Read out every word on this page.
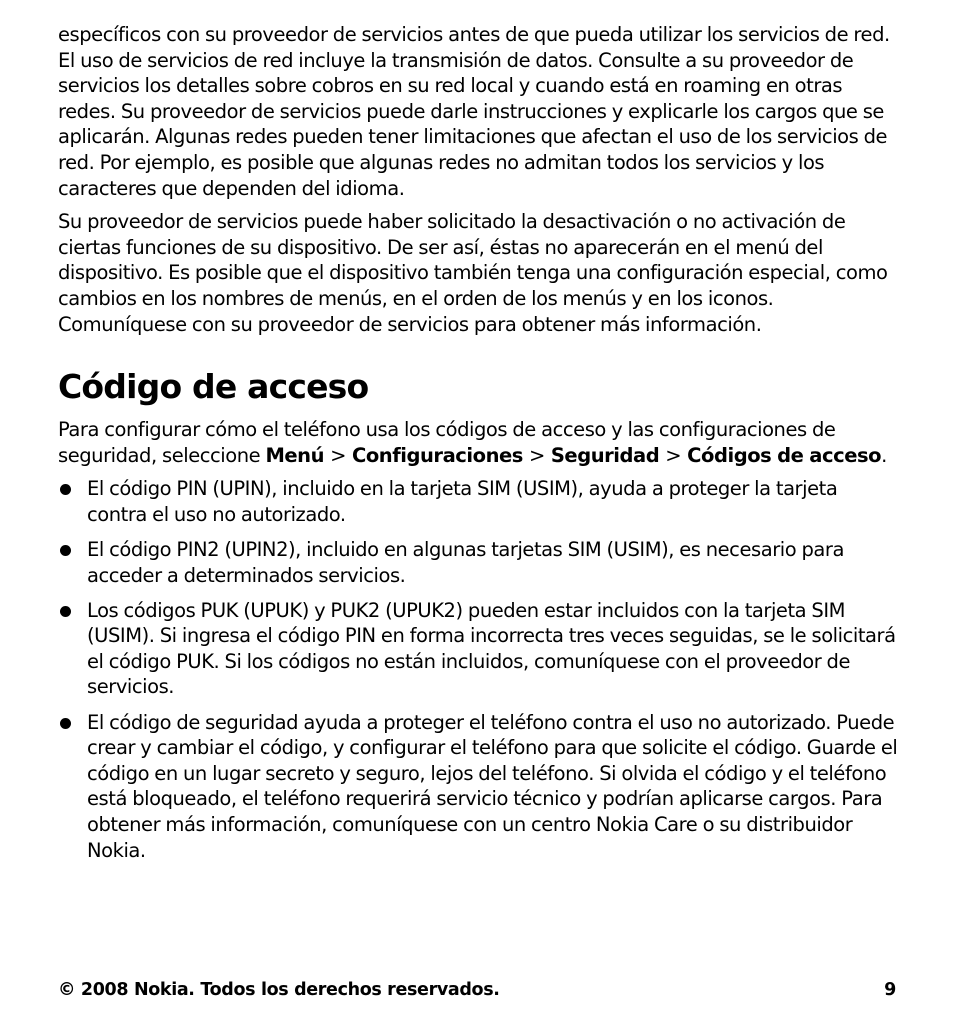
específicos con su proveedor de servicios antes de que pueda utilizar los servicios de red. El uso de servicios de red incluye la transmisión de datos. Consulte a su proveedor de servicios los detalles sobre cobros en su red local y cuando está en roaming en otras redes. Su proveedor de servicios puede darle instrucciones y explicarle los cargos que se aplicarán. Algunas redes pueden tener limitaciones que afectan el uso de los servicios de red. Por ejemplo, es posible que algunas redes no admitan todos los servicios y los caracteres que dependen del idioma.

Su proveedor de servicios puede haber solicitado la desactivación o no activación de ciertas funciones de su dispositivo. De ser así, éstas no aparecerán en el menú del dispositivo. Es posible que el dispositivo también tenga una configuración especial, como cambios en los nombres de menús, en el orden de los menús y en los iconos. Comuníquese con su proveedor de servicios para obtener más información.

Código de acceso

Para configurar cómo el teléfono usa los códigos de acceso y las configuraciones de seguridad, seleccione Menú > Configuraciones > Seguridad > Códigos de acceso.

El código PIN (UPIN), incluido en la tarjeta SIM (USIM), ayuda a proteger la tarjeta contra el uso no autorizado.
El código PIN2 (UPIN2), incluido en algunas tarjetas SIM (USIM), es necesario para acceder a determinados servicios.
Los códigos PUK (UPUK) y PUK2 (UPUK2) pueden estar incluidos con la tarjeta SIM (USIM). Si ingresa el código PIN en forma incorrecta tres veces seguidas, se le solicitará el código PUK. Si los códigos no están incluidos, comuníquese con el proveedor de servicios.
El código de seguridad ayuda a proteger el teléfono contra el uso no autorizado. Puede crear y cambiar el código, y configurar el teléfono para que solicite el código. Guarde el código en un lugar secreto y seguro, lejos del teléfono. Si olvida el código y el teléfono está bloqueado, el teléfono requerirá servicio técnico y podrían aplicarse cargos. Para obtener más información, comuníquese con un centro Nokia Care o su distribuidor Nokia.
© 2008 Nokia. Todos los derechos reservados.	9
